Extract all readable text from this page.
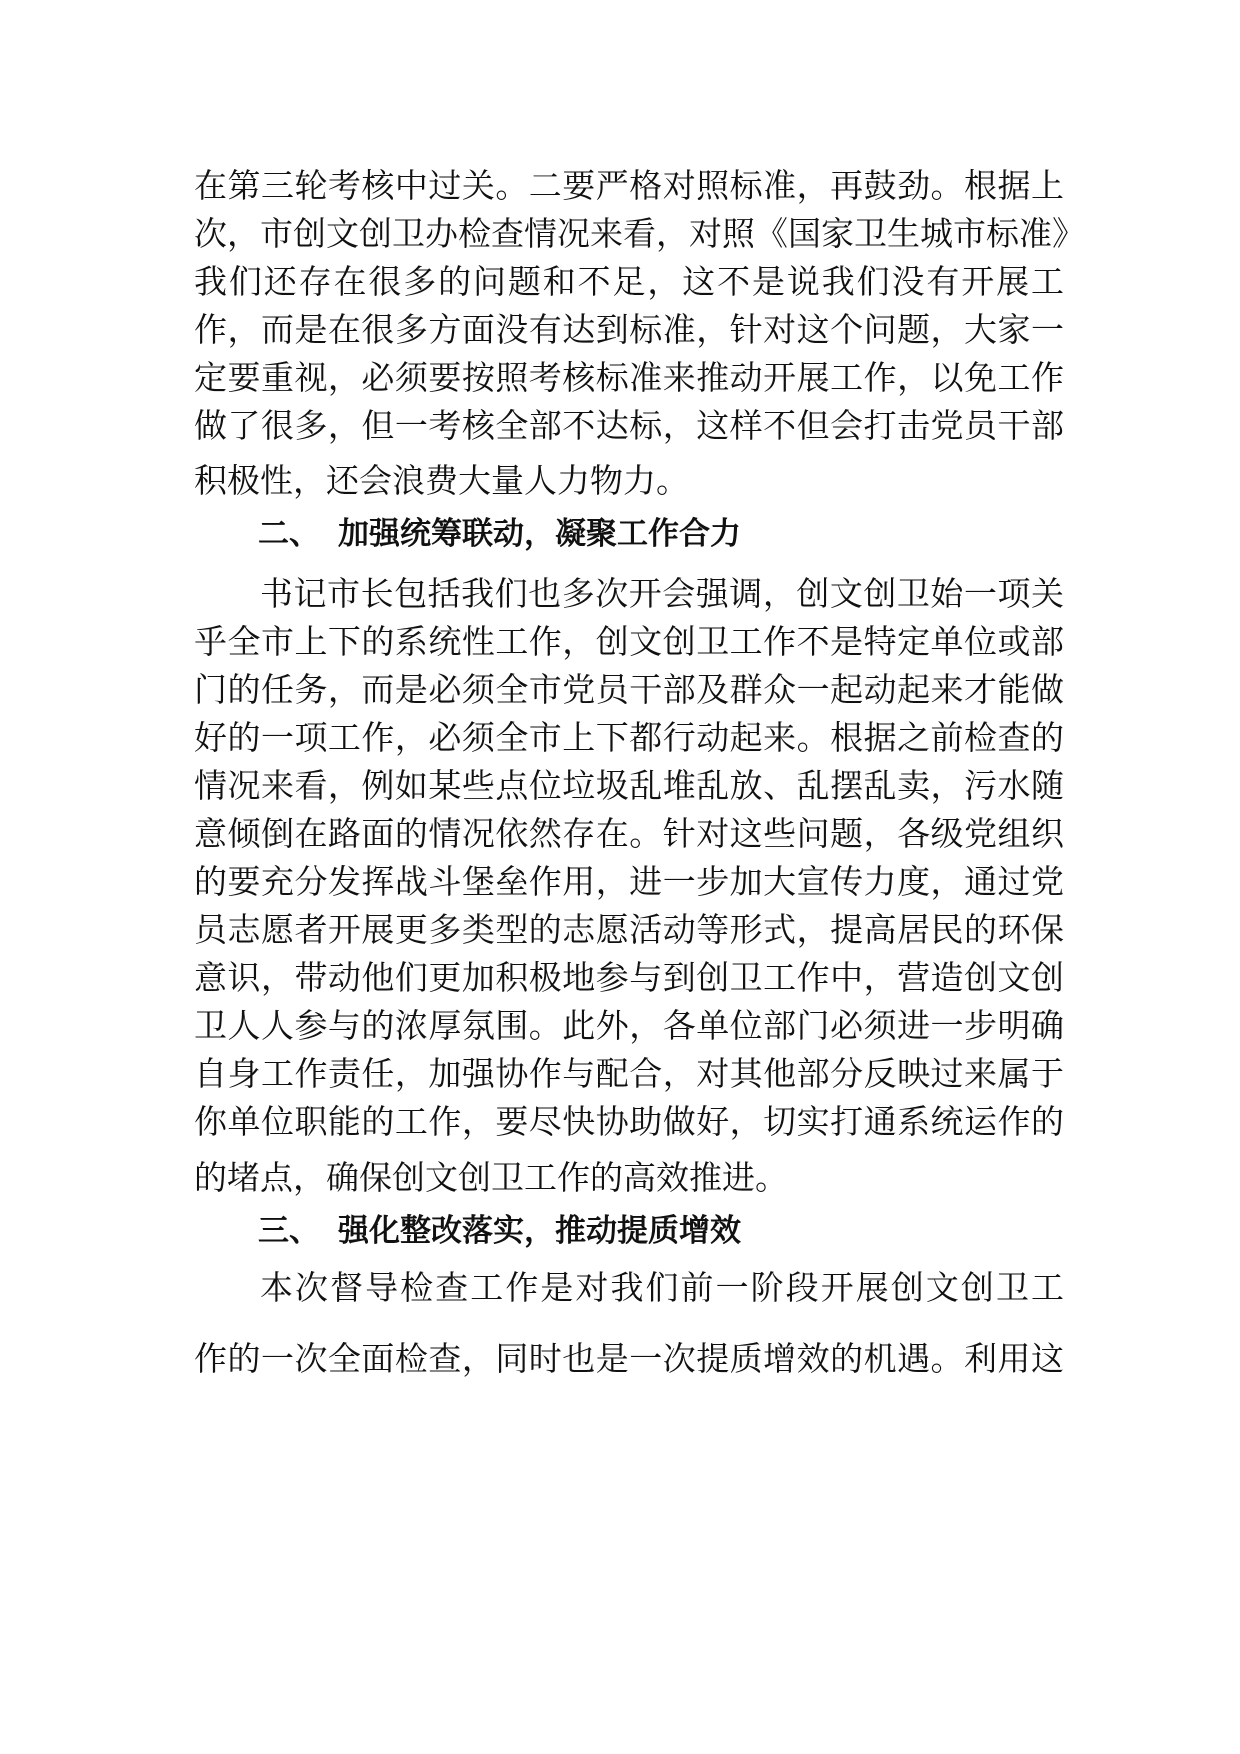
在第三轮考核中过关。二要严格对照标准，再鼓劲。根据上
次，市创文创卫办检查情况来看，对照《国家卫生城市标准》
我们还存在很多的问题和不足，这不是说我们没有开展工
作，而是在很多方面没有达到标准，针对这个问题，大家一
定要重视，必须要按照考核标准来推动开展工作，以免工作
做了很多，但一考核全部不达标，这样不但会打击党员干部
积极性，还会浪费大量人力物力。
二、 加强统筹联动，凝聚工作合力
书记市长包括我们也多次开会强调，创文创卫始一项关
乎全市上下的系统性工作，创文创卫工作不是特定单位或部
门的任务，而是必须全市党员干部及群众一起动起来才能做
好的一项工作，必须全市上下都行动起来。根据之前检查的
情况来看，例如某些点位垃圾乱堆乱放、乱摆乱卖，污水随
意倾倒在路面的情况依然存在。针对这些问题，各级党组织
的要充分发挥战斗堡垒作用，进一步加大宣传力度，通过党
员志愿者开展更多类型的志愿活动等形式，提高居民的环保
意识，带动他们更加积极地参与到创卫工作中，营造创文创
卫人人参与的浓厚氛围。此外，各单位部门必须进一步明确
自身工作责任，加强协作与配合，对其他部分反映过来属于
你单位职能的工作，要尽快协助做好，切实打通系统运作的
的堵点，确保创文创卫工作的高效推进。
三、 强化整改落实，推动提质增效
本次督导检查工作是对我们前一阶段开展创文创卫工
作的一次全面检查，同时也是一次提质增效的机遇。利用这
